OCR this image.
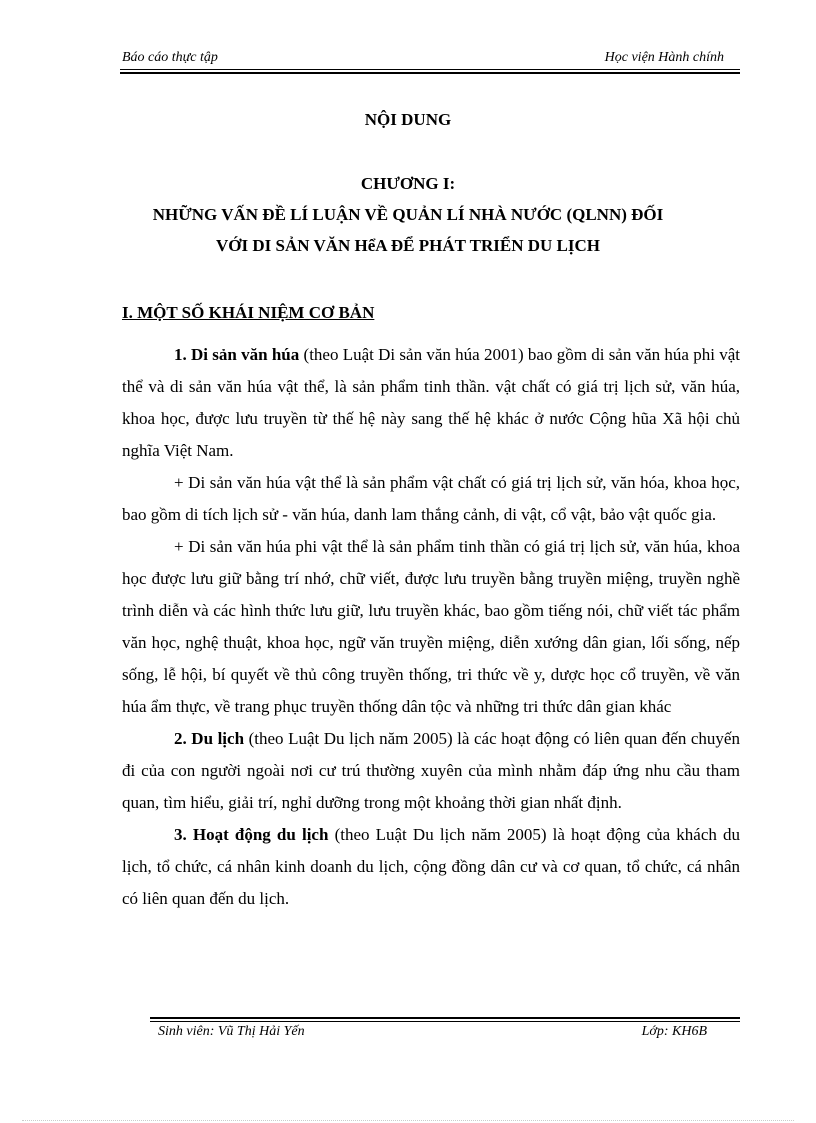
Báo cáo thực tập	Học viện Hành chính
NỘI DUNG
CHƯƠNG I:
NHỮNG VẤN ĐỀ LÍ LUẬN VỀ QUẢN LÍ NHÀ NƯỚC (QLNN) ĐỐI
VỚI DI SẢN VĂN HểA ĐỂ PHÁT TRIỂN DU LỊCH
I. MỘT SỐ KHÁI NIỆM CƠ BẢN

1. Di sản văn húa (theo Luật Di sản văn húa 2001) bao gồm di sản văn húa phi vật thể và di sản văn húa vật thể, là sản phẩm tinh thần. vật chất có giá trị lịch sử, văn húa, khoa học, được lưu truyền từ thế hệ này sang thế hệ khác ở nước Cộng hũa Xã hội chủ nghĩa Việt Nam.

+ Di sản văn húa vật thể là sản phẩm vật chất có giá trị lịch sử, văn hóa, khoa học, bao gồm di tích lịch sử - văn húa, danh lam thắng cảnh, di vật, cổ vật, bảo vật quốc gia.

+ Di sản văn húa phi vật thể là sản phẩm tinh thần có giá trị lịch sử, văn húa, khoa học được lưu giữ bằng trí nhớ, chữ viết, được lưu truyền bằng truyền miệng, truyền nghề trình diễn và các hình thức lưu giữ, lưu truyền khác, bao gồm tiếng nói, chữ viết tác phẩm văn học, nghệ thuật, khoa học, ngữ văn truyền miệng, diễn xướng dân gian, lối sống, nếp sống, lễ hội, bí quyết về thủ công truyền thống, tri thức về y, dược học cổ truyền, về văn húa ẩm thực, về trang phục truyền thống dân tộc và những tri thức dân gian khác

2. Du lịch (theo Luật Du lịch năm 2005) là các hoạt động có liên quan đến chuyến đi của con người ngoài nơi cư trú thường xuyên của mình nhằm đáp ứng nhu cầu tham quan, tìm hiểu, giải trí, nghỉ dưỡng trong một khoảng thời gian nhất định.

3. Hoạt động du lịch (theo Luật Du lịch năm 2005) là hoạt động của khách du lịch, tổ chức, cá nhân kinh doanh du lịch, cộng đồng dân cư và cơ quan, tổ chức, cá nhân có liên quan đến du lịch.

Sinh viên: Vũ Thị Hải Yến	Lớp: KH6B
